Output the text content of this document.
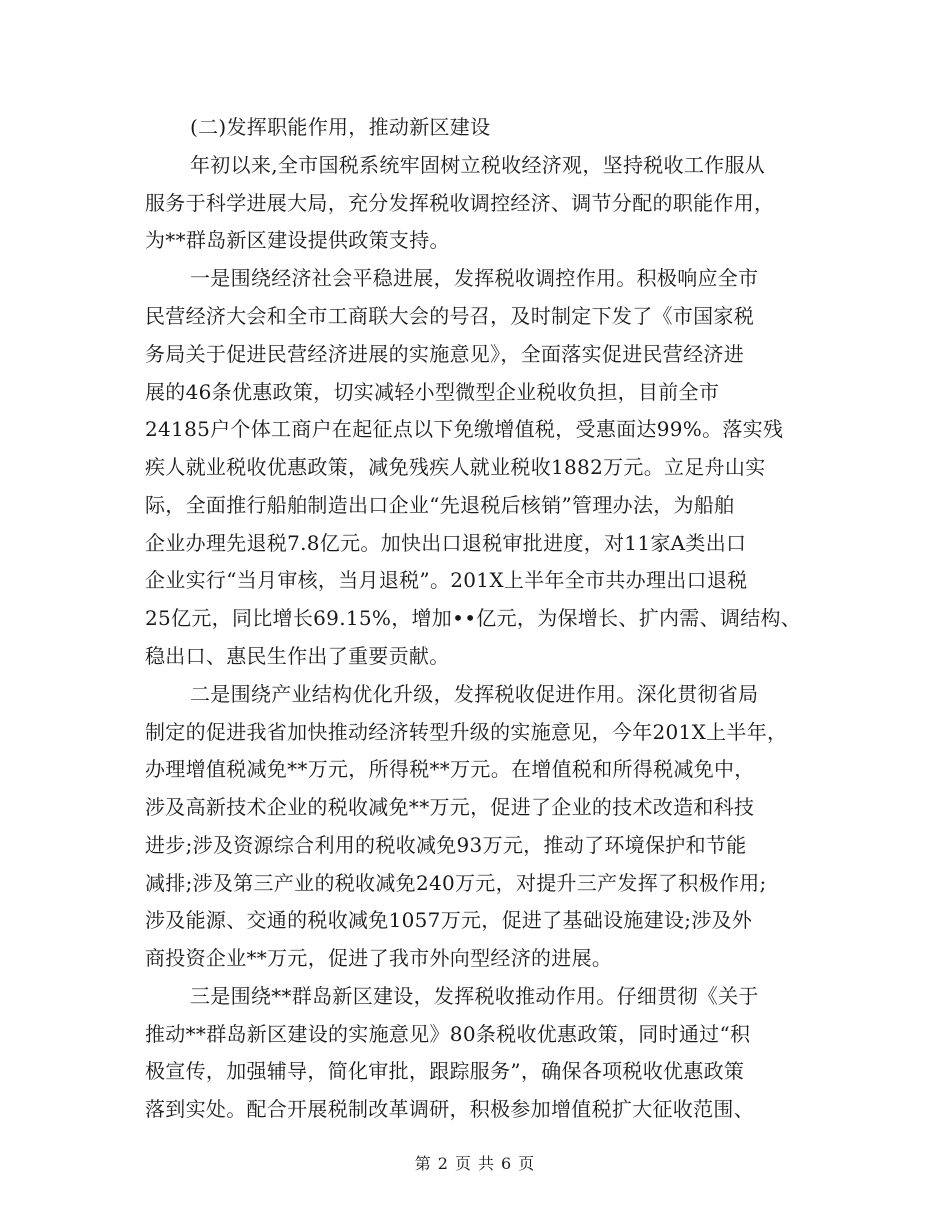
(二)发挥职能作用，推动新区建设
年初以来,全市国税系统牢固树立税收经济观，坚持税收工作服从
服务于科学进展大局，充分发挥税收调控经济、调节分配的职能作用，
为**群岛新区建设提供政策支持。
一是围绕经济社会平稳进展，发挥税收调控作用。积极响应全市
民营经济大会和全市工商联大会的号召，及时制定下发了《市国家税
务局关于促进民营经济进展的实施意见》，全面落实促进民营经济进
展的46条优惠政策，切实减轻小型微型企业税收负担，目前全市
24185户个体工商户在起征点以下免缴增值税，受惠面达99%。落实残
疾人就业税收优惠政策，减免残疾人就业税收1882万元。立足舟山实
际，全面推行船舶制造出口企业“先退税后核销”管理办法，为船舶
企业办理先退税7.8亿元。加快出口退税审批进度，对11家A类出口
企业实行“当月审核，当月退税”。201X上半年全市共办理出口退税
25亿元，同比增长69.15%，增加••亿元，为保增长、扩内需、调结构、
稳出口、惠民生作出了重要贡献。
二是围绕产业结构优化升级，发挥税收促进作用。深化贯彻省局
制定的促进我省加快推动经济转型升级的实施意见，今年201X上半年，
办理增值税减免**万元，所得税**万元。在增值税和所得税减免中，
涉及高新技术企业的税收减免**万元，促进了企业的技术改造和科技
进步;涉及资源综合利用的税收减免93万元，推动了环境保护和节能
减排;涉及第三产业的税收减免240万元，对提升三产发挥了积极作用;
涉及能源、交通的税收减免1057万元，促进了基础设施建设;涉及外
商投资企业**万元，促进了我市外向型经济的进展。
三是围绕**群岛新区建设，发挥税收推动作用。仔细贯彻《关于
推动**群岛新区建设的实施意见》80条税收优惠政策，同时通过“积
极宣传，加强辅导，简化审批，跟踪服务”，确保各项税收优惠政策
落到实处。配合开展税制改革调研，积极参加增值税扩大征收范围、
第 2 页 共 6 页
